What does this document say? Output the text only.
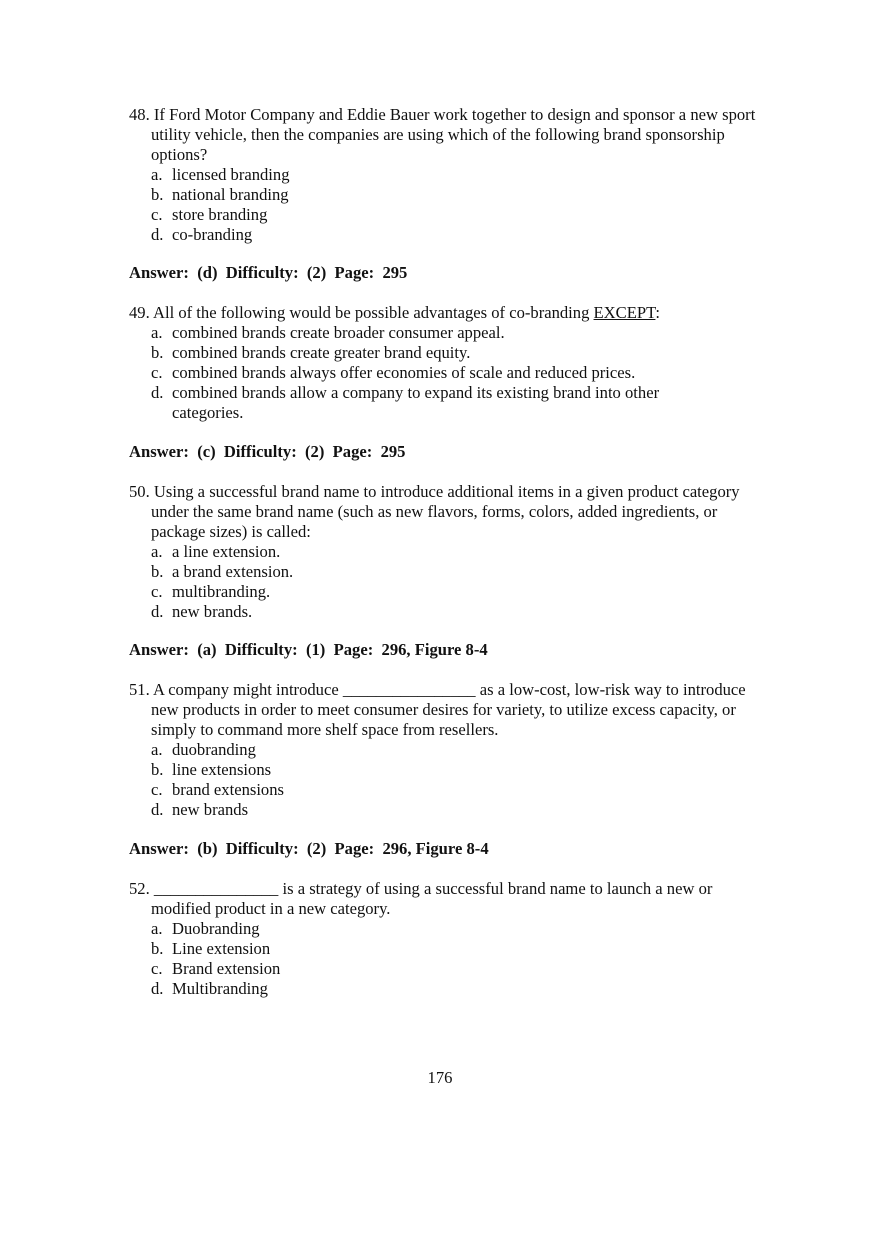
48. If Ford Motor Company and Eddie Bauer work together to design and sponsor a new sport utility vehicle, then the companies are using which of the following brand sponsorship options?

a. licensed branding
b. national branding
c. store branding
d. co-branding
Answer:  (d)  Difficulty:  (2)  Page:  295

49. All of the following would be possible advantages of co-branding EXCEPT:

a. combined brands create broader consumer appeal.
b. combined brands create greater brand equity.
c. combined brands always offer economies of scale and reduced prices.
d. combined brands allow a company to expand its existing brand into other categories.
Answer:  (c)  Difficulty:  (2)  Page:  295

50. Using a successful brand name to introduce additional items in a given product category under the same brand name (such as new flavors, forms, colors, added ingredients, or package sizes) is called:

a. a line extension.
b. a brand extension.
c. multibranding.
d. new brands.
Answer:  (a)  Difficulty:  (1)  Page:  296, Figure 8-4

51. A company might introduce ________________ as a low-cost, low-risk way to introduce new products in order to meet consumer desires for variety, to utilize excess capacity, or simply to command more shelf space from resellers.

a. duobranding
b. line extensions
c. brand extensions
d. new brands
Answer:  (b)  Difficulty:  (2)  Page:  296, Figure 8-4

52. _______________ is a strategy of using a successful brand name to launch a new or modified product in a new category.

a. Duobranding
b. Line extension
c. Brand extension
d. Multibranding
176
